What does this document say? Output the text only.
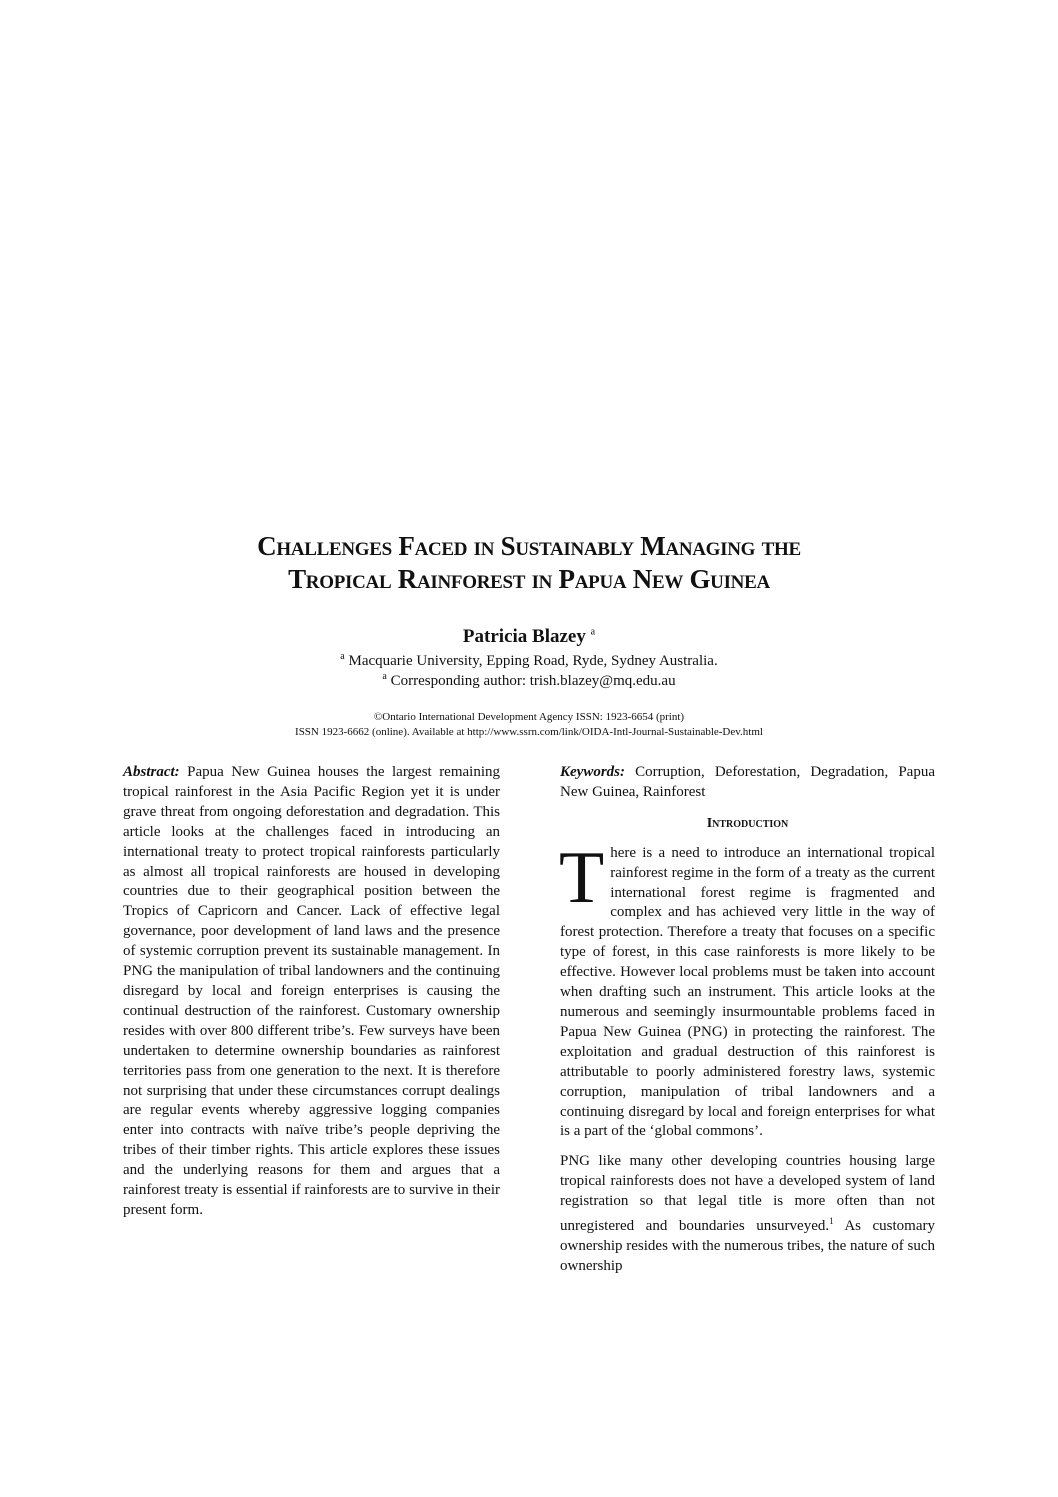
Challenges Faced in Sustainably Managing the
Tropical Rainforest in Papua New Guinea
Patricia Blazey $^a$
$^a$ Macquarie University, Epping Road, Ryde, Sydney Australia.
$^a$ Corresponding author: trish.blazey@mq.edu.au
©Ontario International Development Agency ISSN: 1923-6654 (print)
ISSN 1923-6662 (online). Available at http://www.ssrn.com/link/OIDA-Intl-Journal-Sustainable-Dev.html

Abstract: Papua New Guinea houses the largest remaining tropical rainforest in the Asia Pacific Region yet it is under grave threat from ongoing deforestation and degradation. This article looks at the challenges faced in introducing an international treaty to protect tropical rainforests particularly as almost all tropical rainforests are housed in developing countries due to their geographical position between the Tropics of Capricorn and Cancer. Lack of effective legal governance, poor development of land laws and the presence of systemic corruption prevent its sustainable management. In PNG the manipulation of tribal landowners and the continuing disregard by local and foreign enterprises is causing the continual destruction of the rainforest. Customary ownership resides with over 800 different tribe’s. Few surveys have been undertaken to determine ownership boundaries as rainforest territories pass from one generation to the next. It is therefore not surprising that under these circumstances corrupt dealings are regular events whereby aggressive logging companies enter into contracts with naïve tribe’s people depriving the tribes of their timber rights. This article explores these issues and the underlying reasons for them and argues that a rainforest treaty is essential if rainforests are to survive in their present form.

Keywords: Corruption, Deforestation, Degradation, Papua New Guinea, Rainforest

Introduction

T here is a need to introduce an international tropical rainforest regime in the form of a treaty as the current international forest regime is fragmented and complex and has achieved very little in the way of forest protection. Therefore a treaty that focuses on a specific type of forest, in this case rainforests is more likely to be effective. However local problems must be taken into account when drafting such an instrument. This article looks at the numerous and seemingly insurmountable problems faced in Papua New Guinea (PNG) in protecting the rainforest. The exploitation and gradual destruction of this rainforest is attributable to poorly administered forestry laws, systemic corruption, manipulation of tribal landowners and a continuing disregard by local and foreign enterprises for what is a part of the ‘global commons’.

PNG like many other developing countries housing large tropical rainforests does not have a developed system of land registration so that legal title is more often than not unregistered and boundaries unsurveyed.$^1$ As customary ownership resides with the numerous tribes, the nature of such ownership
